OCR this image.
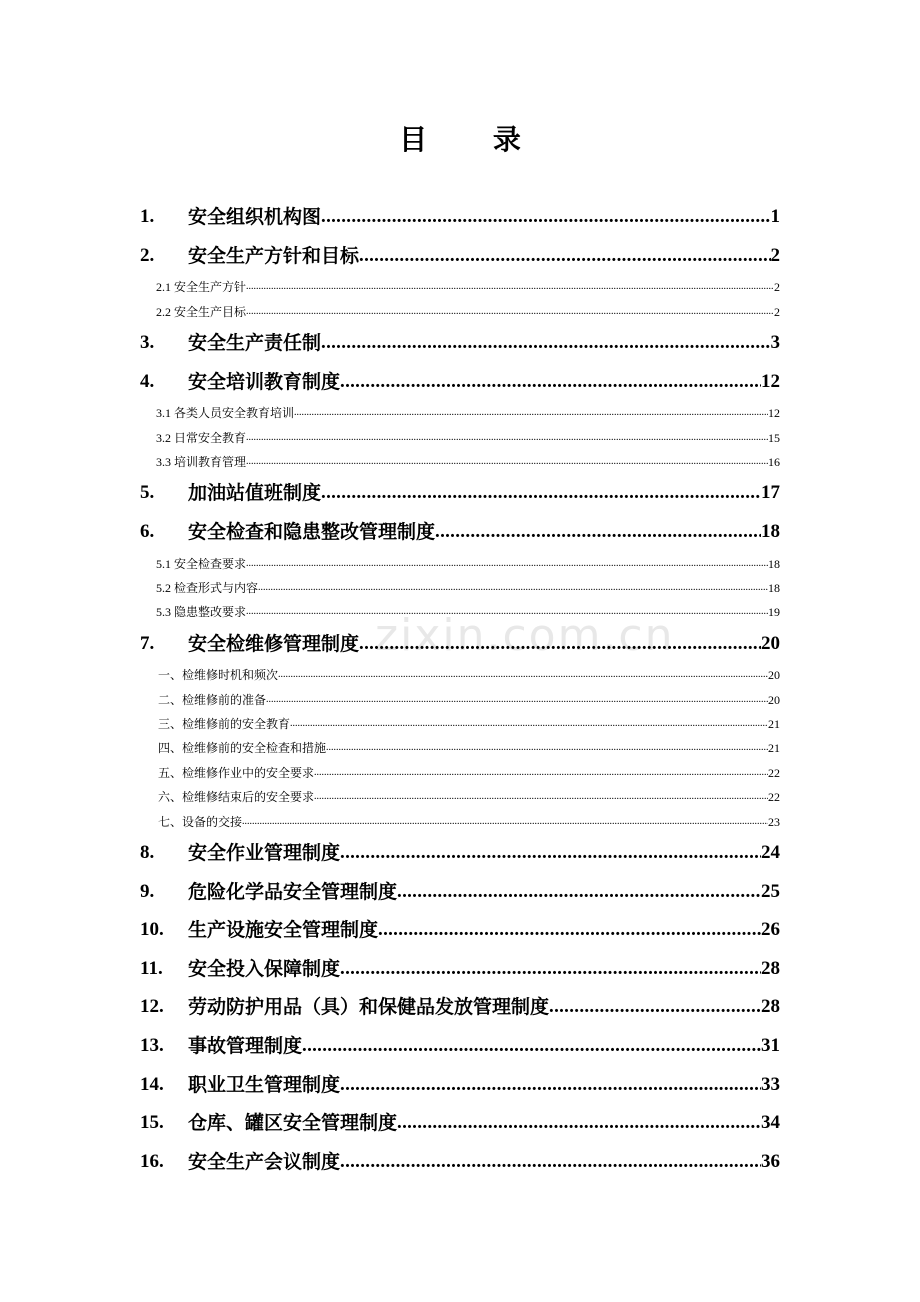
目 录
zixin.com.cn
1.	安全组织机构图 .....	1
2.	安全生产方针和目标 .....	2
2.1 安全生产方针 .....	2
2.2 安全生产目标 .....	2
3.	安全生产责任制 .....	3
4.	安全培训教育制度 .....	12
3.1 各类人员安全教育培训 .....	12
3.2 日常安全教育 .....	15
3.3 培训教育管理 .....	16
5.	加油站值班制度 .....	17
6.	安全检查和隐患整改管理制度 .....	18
5.1 安全检查要求 .....	18
5.2 检查形式与内容 .....	18
5.3 隐患整改要求 .....	19
7.	安全检维修管理制度 .....	20
一、检维修时机和频次 .....	20
二、检维修前的准备 .....	20
三、检维修前的安全教育 .....	21
四、检维修前的安全检查和措施 .....	21
五、检维修作业中的安全要求 .....	22
六、检维修结束后的安全要求 .....	22
七、设备的交接 .....	23
8.	安全作业管理制度 .....	24
9.	危险化学品安全管理制度 .....	25
10.	生产设施安全管理制度 .....	26
11.	安全投入保障制度 .....	28
12.	劳动防护用品（具）和保健品发放管理制度 .....	28
13.	事故管理制度 .....	31
14.	职业卫生管理制度 .....	33
15.	仓库、罐区安全管理制度 .....	34
16.	安全生产会议制度 .....	36
